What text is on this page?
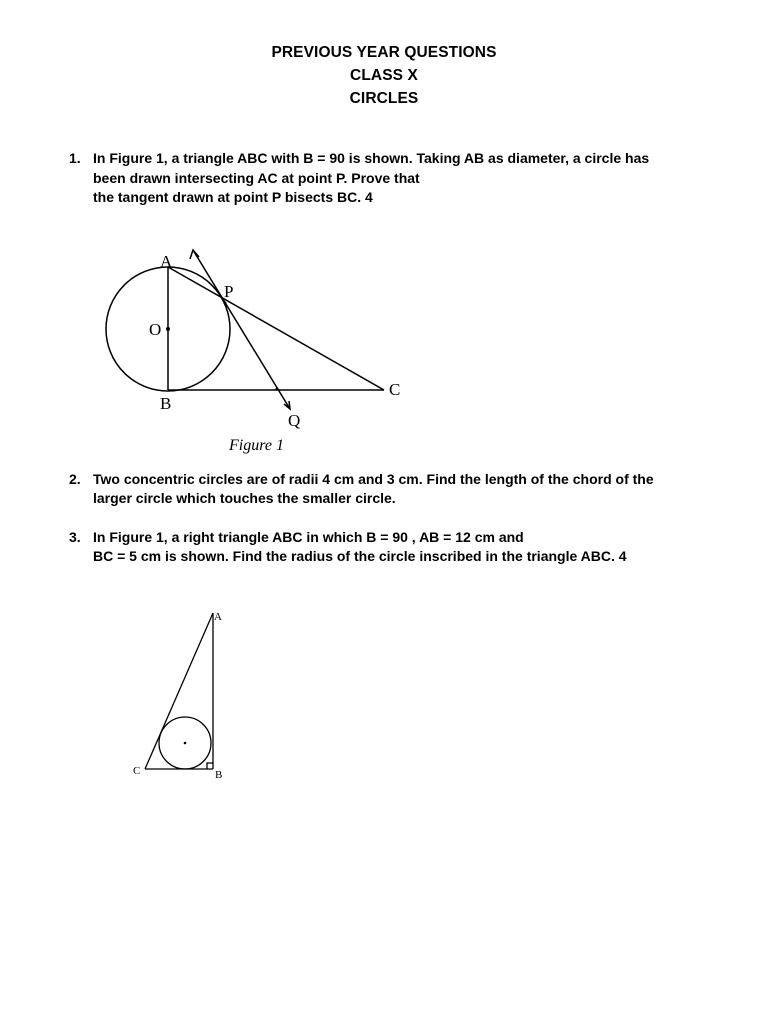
PREVIOUS YEAR QUESTIONS
CLASS X
CIRCLES
1. In Figure 1, a triangle ABC with B = 90 is shown. Taking AB as diameter, a circle has
been drawn intersecting AC at point P. Prove that
the tangent drawn at point P bisects BC. 4
A
B
C
O
P
Q
Figure 1
A
B
C
2. Two concentric circles are of radii 4 cm and 3 cm. Find the length of the chord of the
larger circle which touches the smaller circle.
3. In Figure 1, a right triangle ABC in which B = 90 , AB = 12 cm and
BC = 5 cm is shown. Find the radius of the circle inscribed in the triangle ABC. 4
